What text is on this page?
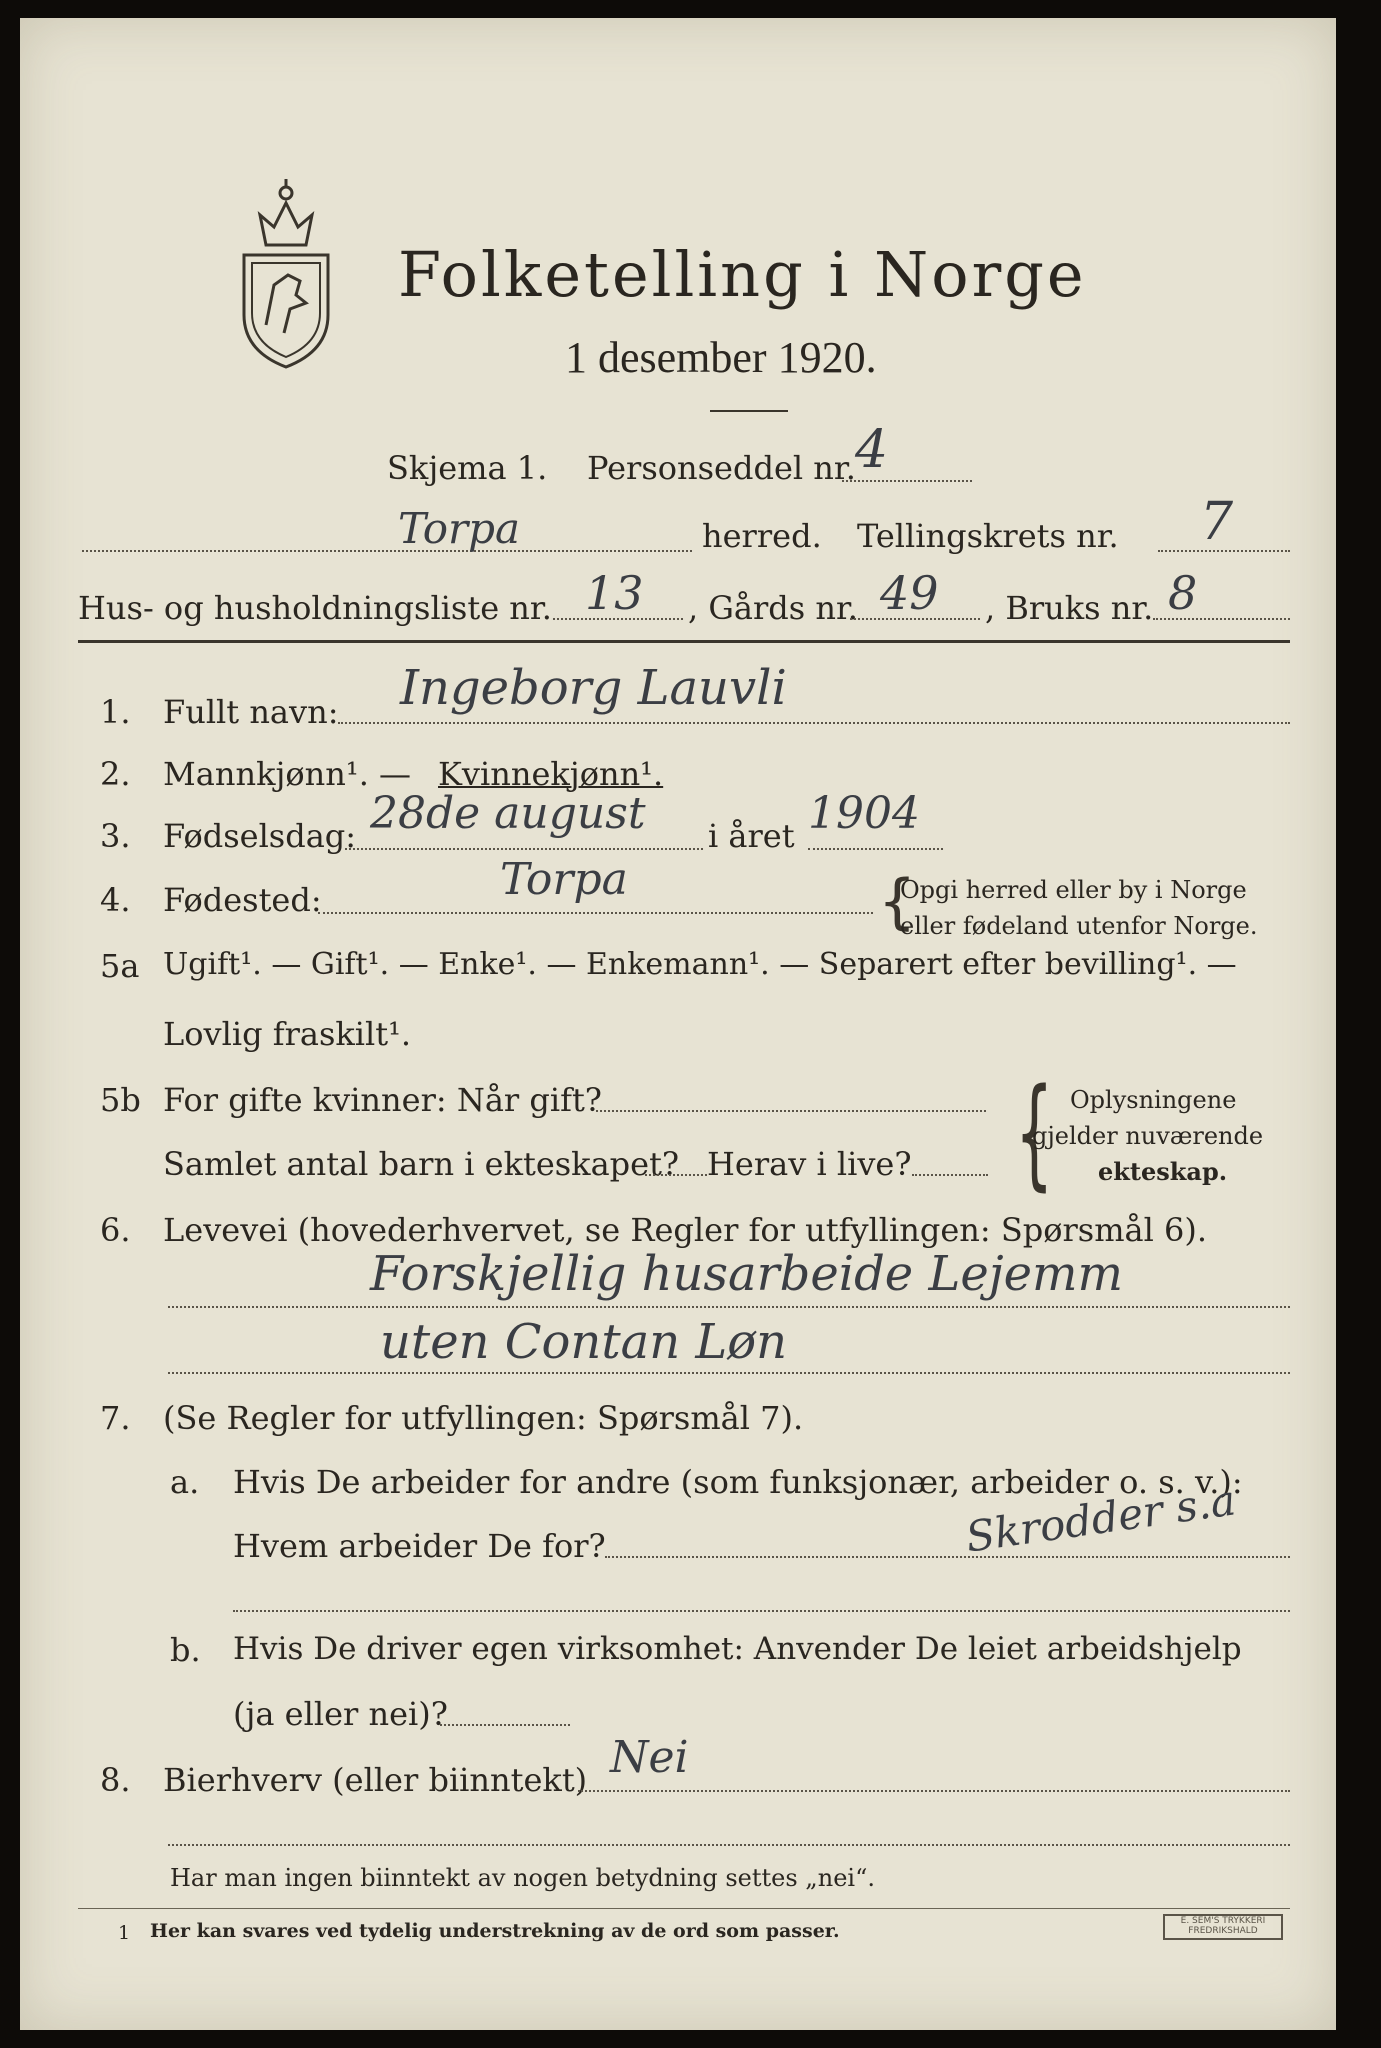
Folketelling i Norge
1 desember 1920.
Skjema 1. Personseddel nr. 4
Torpa	herred. Tellingskrets nr. 7
Hus- og husholdningsliste nr. 13 , Gårds nr. 49 , Bruks nr. 8
1. Fullt navn: Ingeborg Lauvli
2. Mannkjønn¹. — Kvinnekjønn¹.
3. Fødselsdag: 28de august i året 1904
4. Fødested:	Torpa	{
Opgi herred eller by i Norge
eller fødeland utenfor Norge.
5a Ugift¹. — Gift¹. — Enke¹. — Enkemann¹. — Separert efter bevilling¹. —
Lovlig fraskilt¹.
5b For gifte kvinner: Når gift?
Samlet antal barn i ekteskapet? Herav i live? { Oplysningene
gjelder nuværende
ekteskap.
6. Levevei (hovederhvervet, se Regler for utfyllingen: Spørsmål 6).
Forskjellig husarbeide Lejemm
uten Contan Løn
7. (Se Regler for utfyllingen: Spørsmål 7).
a. Hvis De arbeider for andre (som funksjonær, arbeider o. s. v.):
Hvem arbeider De for?	Skrodder s.a
b. Hvis De driver egen virksomhet: Anvender De leiet arbeidshjelp
(ja eller nei)?
8. Bierhverv (eller biinntekt) Nei
Har man ingen biinntekt av nogen betydning settes „nei“.
1 Her kan svares ved tydelig understrekning av de ord som passer.	E. SEM'S TRYKKERI FREDRIKSHALD
